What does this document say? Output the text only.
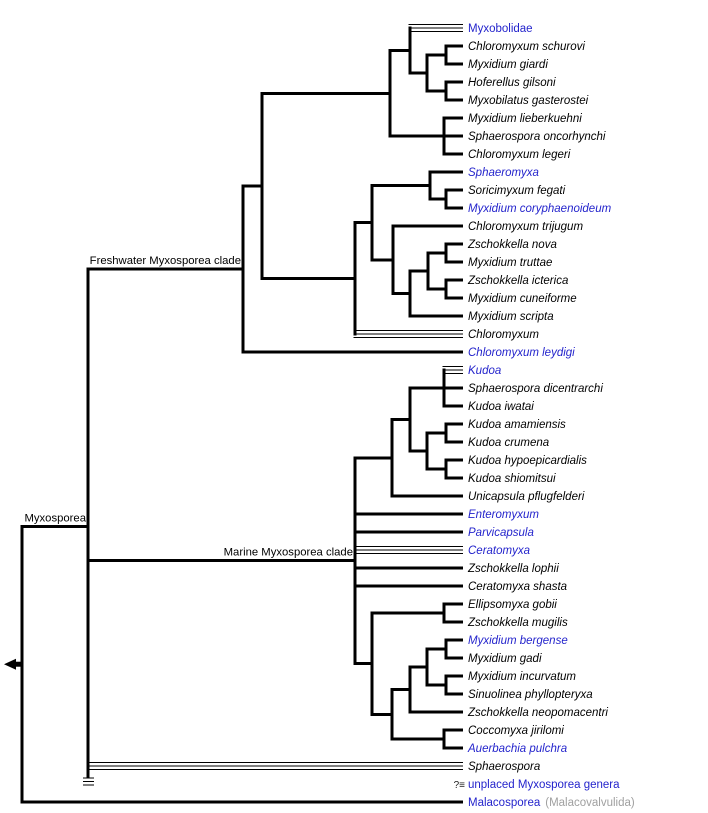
Myxobolidae
Chloromyxum schurovi
Myxidium giardi
Hoferellus gilsoni
Myxobilatus gasterostei
Myxidium lieberkuehni
Sphaerospora oncorhynchi
Chloromyxum legeri
Sphaeromyxa
Soricimyxum fegati
Myxidium coryphaenoideum
Chloromyxum trijugum
Zschokkella nova
Myxidium truttae
Zschokkella icterica
Myxidium cuneiforme
Myxidium scripta
Chloromyxum
Chloromyxum leydigi
Kudoa
Sphaerospora dicentrarchi
Kudoa iwatai
Kudoa amamiensis
Kudoa crumena
Kudoa hypoepicardialis
Kudoa shiomitsui
Unicapsula pflugfelderi
Enteromyxum
Parvicapsula
Ceratomyxa
Zschokkella lophii
Ceratomyxa shasta
Ellipsomyxa gobii
Zschokkella mugilis
Myxidium bergense
Myxidium gadi
Myxidium incurvatum
Sinuolinea phyllopteryxa
Zschokkella neopomacentri
Coccomyxa jirilomi
Auerbachia pulchra
Sphaerospora
?≡ unplaced Myxosporea genera
Malacosporea (Malacovalvulida)
Myxosporea
Freshwater Myxosporea clade
Marine Myxosporea clade
